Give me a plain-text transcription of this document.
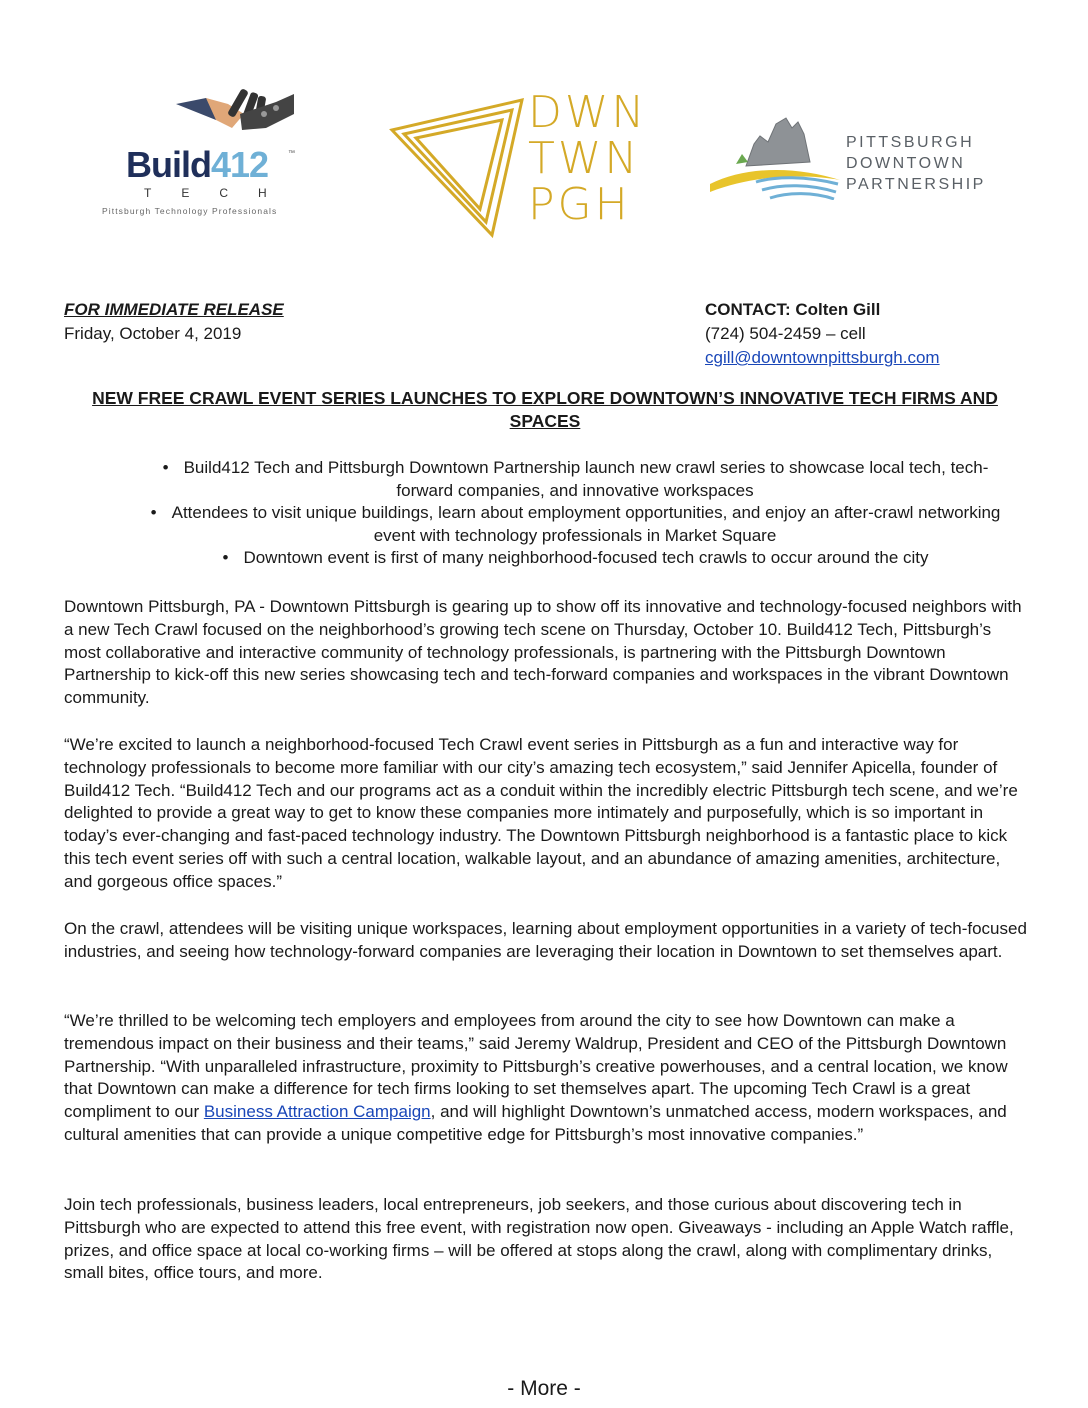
Build412	™
TECH
Pittsburgh Technology Professionals
DWN
TWN
PGH
PITTSBURGH
DOWNTOWN
PARTNERSHIP
FOR IMMEDIATE RELEASE
Friday, October 4, 2019
CONTACT: Colten Gill
(724) 504-2459 – cell
cgill@downtownpittsburgh.com
NEW FREE CRAWL EVENT SERIES LAUNCHES TO EXPLORE DOWNTOWN’S INNOVATIVE TECH FIRMS AND SPACES

• Build412 Tech and Pittsburgh Downtown Partnership launch new crawl series to showcase local tech, tech-

forward companies, and innovative workspaces

• Attendees to visit unique buildings, learn about employment opportunities, and enjoy an after-crawl networking

event with technology professionals in Market Square

• Downtown event is first of many neighborhood-focused tech crawls to occur around the city

Downtown Pittsburgh, PA - Downtown Pittsburgh is gearing up to show off its innovative and technology-focused neighbors with a new Tech Crawl focused on the neighborhood’s growing tech scene on Thursday, October 10. Build412 Tech, Pittsburgh’s most collaborative and interactive community of technology professionals, is partnering with the Pittsburgh Downtown Partnership to kick-off this new series showcasing tech and tech-forward companies and workspaces in the vibrant Downtown community.

“We’re excited to launch a neighborhood-focused Tech Crawl event series in Pittsburgh as a fun and interactive way for technology professionals to become more familiar with our city’s amazing tech ecosystem,” said Jennifer Apicella, founder of Build412 Tech. “Build412 Tech and our programs act as a conduit within the incredibly electric Pittsburgh tech scene, and we’re delighted to provide a great way to get to know these companies more intimately and purposefully, which is so important in today’s ever-changing and fast-paced technology industry. The Downtown Pittsburgh neighborhood is a fantastic place to kick this tech event series off with such a central location, walkable layout, and an abundance of amazing amenities, architecture, and gorgeous office spaces.”

On the crawl, attendees will be visiting unique workspaces, learning about employment opportunities in a variety of tech-focused industries, and seeing how technology-forward companies are leveraging their location in Downtown to set themselves apart.

“We’re thrilled to be welcoming tech employers and employees from around the city to see how Downtown can make a tremendous impact on their business and their teams,” said Jeremy Waldrup, President and CEO of the Pittsburgh Downtown Partnership. “With unparalleled infrastructure, proximity to Pittsburgh’s creative powerhouses, and a central location, we know that Downtown can make a difference for tech firms looking to set themselves apart. The upcoming Tech Crawl is a great compliment to our Business Attraction Campaign, and will highlight Downtown’s unmatched access, modern workspaces, and cultural amenities that can provide a unique competitive edge for Pittsburgh’s most innovative companies.”

Join tech professionals, business leaders, local entrepreneurs, job seekers, and those curious about discovering tech in Pittsburgh who are expected to attend this free event, with registration now open. Giveaways - including an Apple Watch raffle, prizes, and office space at local co-working firms – will be offered at stops along the crawl, along with complimentary drinks, small bites, office tours, and more.

- More -
